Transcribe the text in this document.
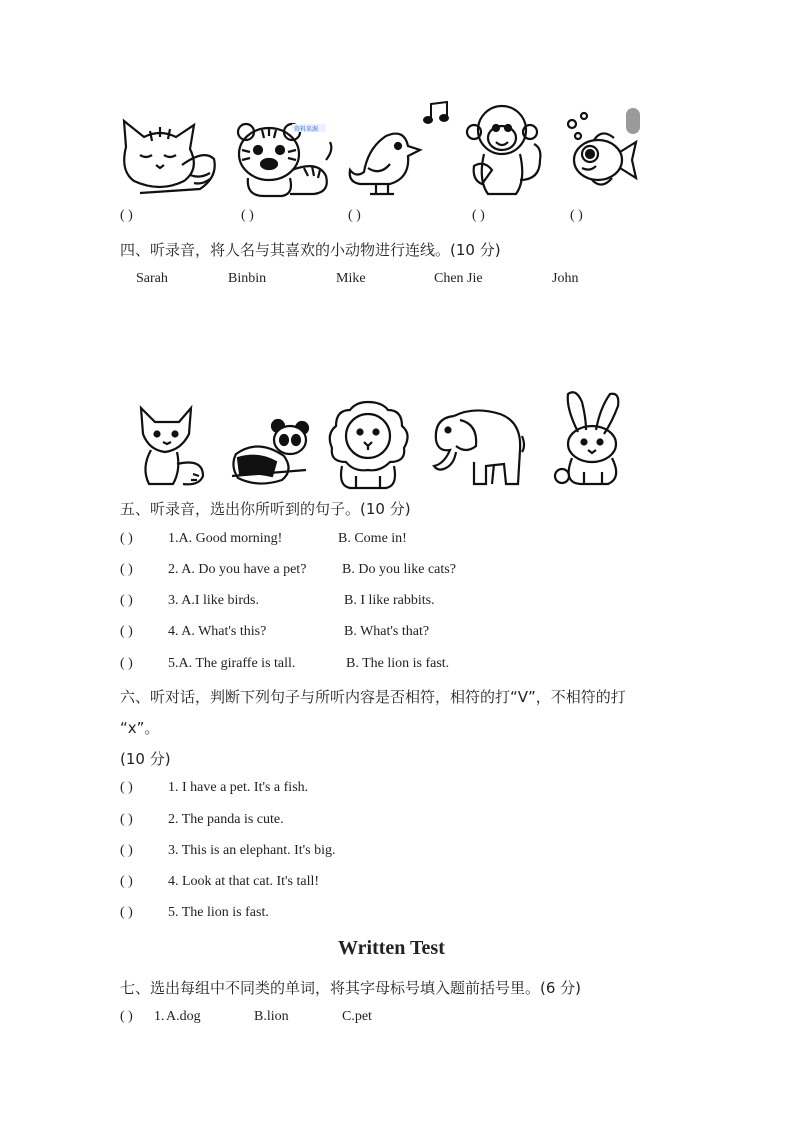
资料来源
( )	( )	( )	( )	( )
四、听录音，将人名与其喜欢的小动物进行连线。(10 分)
Sarah	Binbin	Mike	Chen Jie	John
五、听录音，选出你所听到的句子。(10 分)
( )	1.A. Good morning!	B. Come in!
( )	2. A. Do you have a pet?	B. Do you like cats?
( )	3. A.I like birds.	B. I like rabbits.
( )	4. A. What's this?	B. What's that?
( )	5.A. The giraffe is tall.	B. The lion is fast.
六、听对话，判断下列句子与所听内容是否相符，相符的打“V”，不相符的打
“x”。
(10 分)
( )	1. I have a pet. It's a fish.
( )	2. The panda is cute.
( )	3. This is an elephant. It's big.
( )	4. Look at that cat. It's tall!
( )	5. The lion is fast.
Written Test
七、选出每组中不同类的单词，将其字母标号填入题前括号里。(6 分)
( ) 1. A.dog	B.lion	C.pet
